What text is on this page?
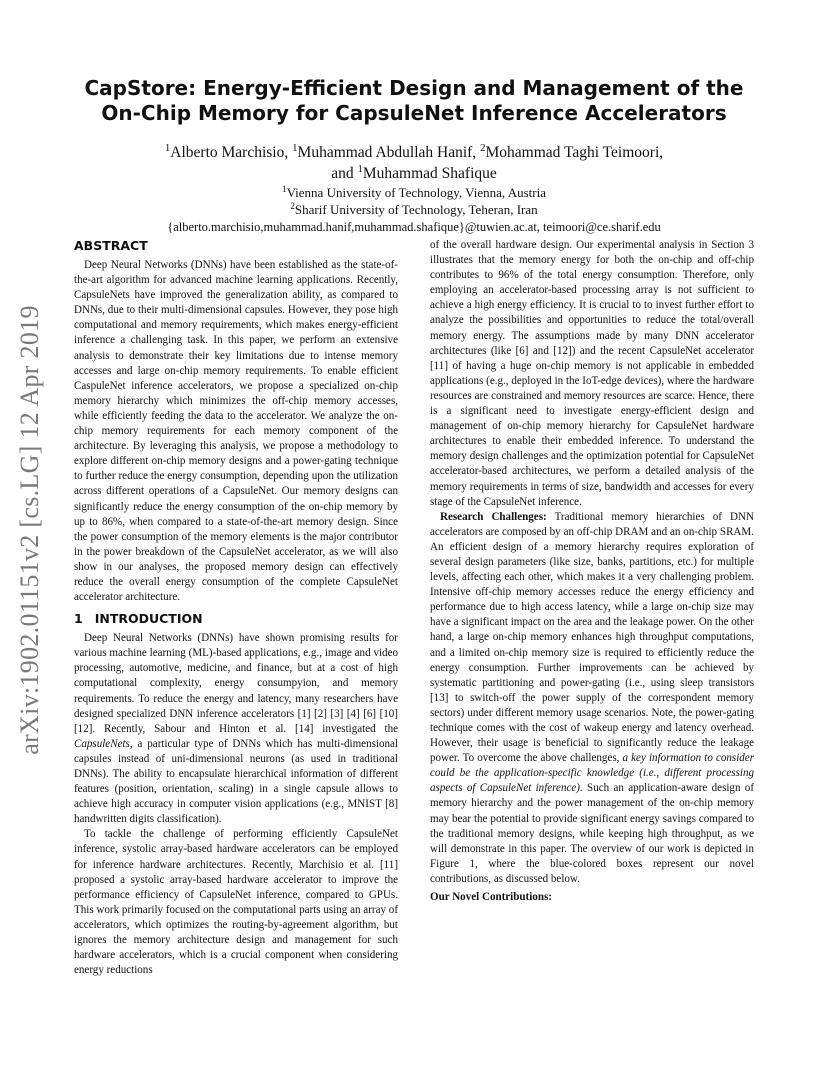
arXiv:1902.01151v2 [cs.LG] 12 Apr 2019
CapStore: Energy-Efficient Design and Management of the
On-Chip Memory for CapsuleNet Inference Accelerators
$^1$Alberto Marchisio, $^1$Muhammad Abdullah Hanif, $^2$Mohammad Taghi Teimoori,
and $^1$Muhammad Shafique
$^1$Vienna University of Technology, Vienna, Austria
$^2$Sharif University of Technology, Teheran, Iran
{alberto.marchisio,muhammad.hanif,muhammad.shafique}@tuwien.ac.at, teimoori@ce.sharif.edu
ABSTRACT

Deep Neural Networks (DNNs) have been established as the state-of-the-art algorithm for advanced machine learning applications. Recently, CapsuleNets have improved the generalization ability, as compared to DNNs, due to their multi-dimensional capsules. However, they pose high computational and memory requirements, which makes energy-efficient inference a challenging task. In this paper, we perform an extensive analysis to demonstrate their key limitations due to intense memory accesses and large on-chip memory requirements. To enable efficient CaspuleNet inference accelerators, we propose a specialized on-chip memory hierarchy which minimizes the off-chip memory accesses, while efficiently feeding the data to the accelerator. We analyze the on-chip memory requirements for each memory component of the architecture. By leveraging this analysis, we propose a methodology to explore different on-chip memory designs and a power-gating technique to further reduce the energy consumption, depending upon the utilization across different operations of a CapsuleNet. Our memory designs can significantly reduce the energy consumption of the on-chip memory by up to 86%, when compared to a state-of-the-art memory design. Since the power consumption of the memory elements is the major contributor in the power breakdown of the CapsuleNet accelerator, as we will also show in our analyses, the proposed memory design can effectively reduce the overall energy consumption of the complete CapsuleNet accelerator architecture.

1 INTRODUCTION

Deep Neural Networks (DNNs) have shown promising results for various machine learning (ML)-based applications, e.g., image and video processing, automotive, medicine, and finance, but at a cost of high computational complexity, energy consumpyion, and memory requirements. To reduce the energy and latency, many researchers have designed specialized DNN inference accelerators [1] [2] [3] [4] [6] [10] [12]. Recently, Sabour and Hinton et al. [14] investigated the CapsuleNets, a particular type of DNNs which has multi-dimensional capsules instead of uni-dimensional neurons (as used in traditional DNNs). The ability to encapsulate hierarchical information of different features (position, orientation, scaling) in a single capsule allows to achieve high accuracy in computer vision applications (e.g., MNIST [8] handwritten digits classification).

To tackle the challenge of performing efficiently CapsuleNet inference, systolic array-based hardware accelerators can be employed for inference hardware architectures. Recently, Marchisio et al. [11] proposed a systolic array-based hardware accelerator to improve the performance efficiency of CapsuleNet inference, compared to GPUs. This work primarily focused on the computational parts using an array of accelerators, which optimizes the routing-by-agreement algorithm, but ignores the memory architecture design and management for such hardware accelerators, which is a crucial component when considering energy reductions

of the overall hardware design. Our experimental analysis in Section 3 illustrates that the memory energy for both the on-chip and off-chip contributes to 96% of the total energy consumption. Therefore, only employing an accelerator-based processing array is not sufficient to achieve a high energy efficiency. It is crucial to to invest further effort to analyze the possibilities and opportunities to reduce the total/overall memory energy. The assumptions made by many DNN accelerator architectures (like [6] and [12]) and the recent CapsuleNet accelerator [11] of having a huge on-chip memory is not applicable in embedded applications (e.g., deployed in the IoT-edge devices), where the hardware resources are constrained and memory resources are scarce. Hence, there is a significant need to investigate energy-efficient design and management of on-chip memory hierarchy for CapsuleNet hardware architectures to enable their embedded inference. To understand the memory design challenges and the optimization potential for CapsuleNet accelerator-based architectures, we perform a detailed analysis of the memory requirements in terms of size, bandwidth and accesses for every stage of the CapsuleNet inference.

Research Challenges: Traditional memory hierarchies of DNN accelerators are composed by an off-chip DRAM and an on-chip SRAM. An efficient design of a memory hierarchy requires exploration of several design parameters (like size, banks, partitions, etc.) for multiple levels, affecting each other, which makes it a very challenging problem. Intensive off-chip memory accesses reduce the energy efficiency and performance due to high access latency, while a large on-chip size may have a significant impact on the area and the leakage power. On the other hand, a large on-chip memory enhances high throughput computations, and a limited on-chip memory size is required to efficiently reduce the energy consumption. Further improvements can be achieved by systematic partitioning and power-gating (i.e., using sleep transistors [13] to switch-off the power supply of the correspondent memory sectors) under different memory usage scenarios. Note, the power-gating technique comes with the cost of wakeup energy and latency overhead. However, their usage is beneficial to significantly reduce the leakage power. To overcome the above challenges, a key information to consider could be the application-specific knowledge (i.e., different processing aspects of CapsuleNet inference). Such an application-aware design of memory hierarchy and the power management of the on-chip memory may bear the potential to provide significant energy savings compared to the traditional memory designs, while keeping high throughput, as we will demonstrate in this paper. The overview of our work is depicted in Figure 1, where the blue-colored boxes represent our novel contributions, as discussed below.

Our Novel Contributions:
